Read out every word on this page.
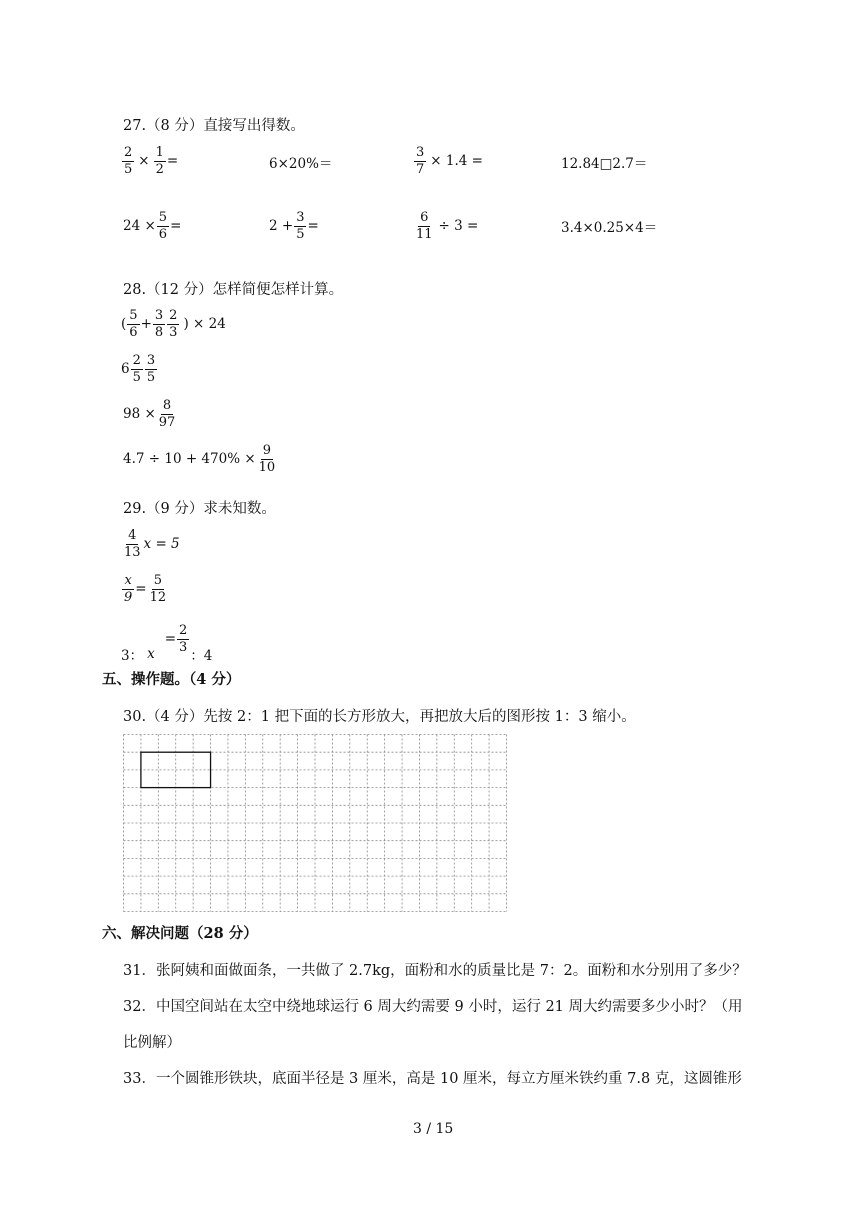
27.（8 分）直接写出得数。
$\frac{2}{5} \times \frac{1}{2}$ =	6×20%＝	$\frac{3}{7} \times 1.4$ =	12.84□2.7＝
$24 \times \frac{5}{6}$ =	$2 + \frac{3}{5}$ =	$\frac{6}{11} \div 3$ =	3.4×0.25×4＝
28.（12 分）怎样简便怎样计算。
( $\frac{5}{6} + \frac{3}{8} \frac{2}{3}$ ) × 24
$6 \frac{2}{5} \frac{3}{5}$
$98 \times \frac{8}{97}$
$4.7 \div 10 + 470\% \times \frac{9}{10}$
29.（9 分）求未知数。
$\frac{4}{13}$ x = 5
$\frac{x}{9} = \frac{5}{12}$
3： x
= $\frac{2}{3}$
：4
五、操作题。（4 分）
30.（4 分）先按 2：1 把下面的长方形放大，再把放大后的图形按 1：3 缩小。
六、解决问题（28 分）
31．张阿姨和面做面条，一共做了 2.7kg，面粉和水的质量比是 7：2。面粉和水分别用了多少？
32．中国空间站在太空中绕地球运行 6 周大约需要 9 小时，运行 21 周大约需要多少小时？（用
比例解）
33．一个圆锥形铁块，底面半径是 3 厘米，高是 10 厘米，每立方厘米铁约重 7.8 克，这圆锥形
3 / 15
